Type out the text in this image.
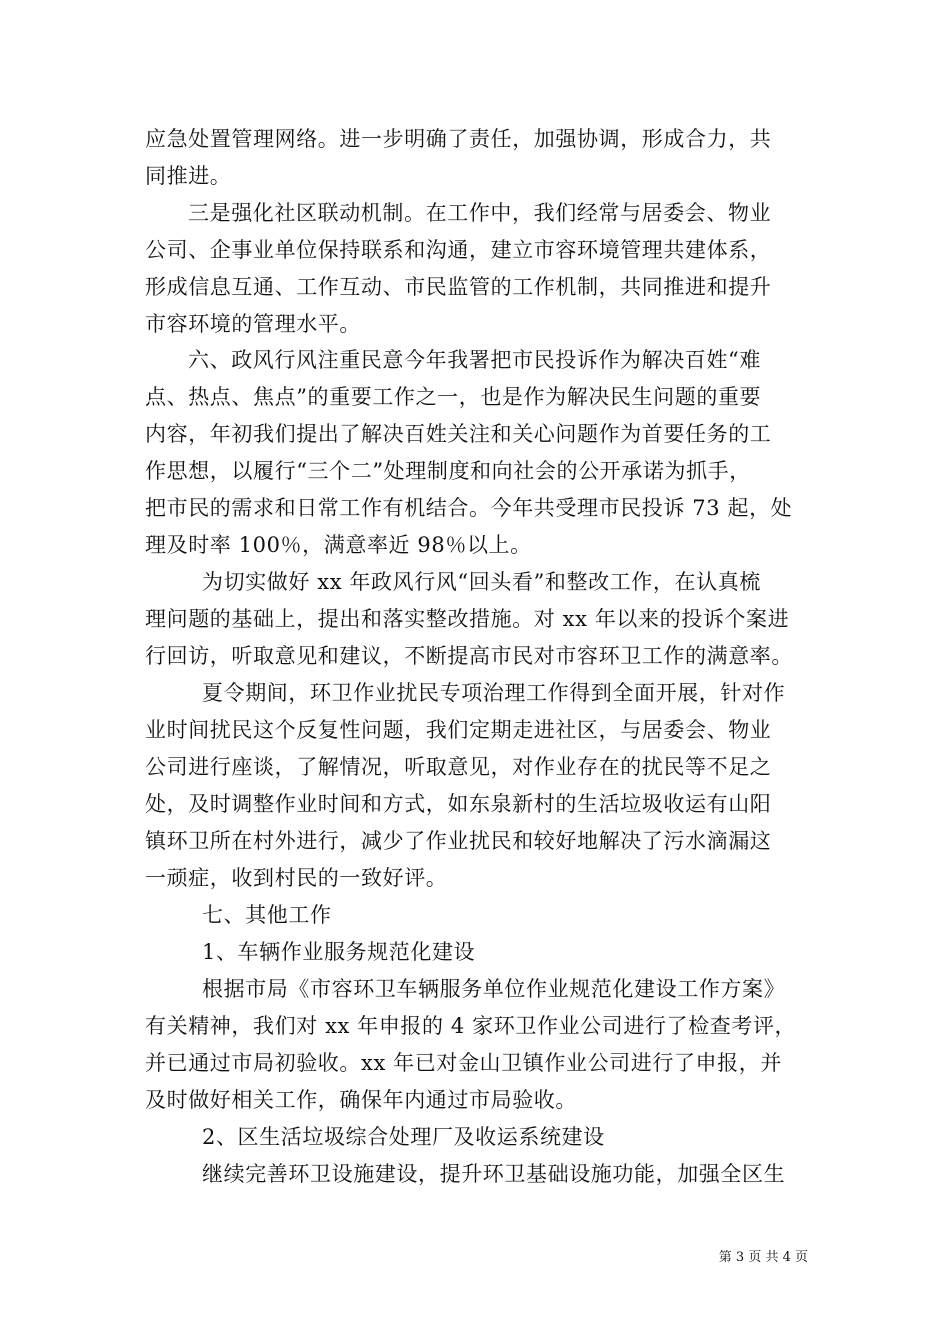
应急处置管理网络。进一步明确了责任，加强协调，形成合力，共
同推进。
三是强化社区联动机制。在工作中，我们经常与居委会、物业
公司、企事业单位保持联系和沟通，建立市容环境管理共建体系，
形成信息互通、工作互动、市民监管的工作机制，共同推进和提升
市容环境的管理水平。
六、政风行风注重民意今年我署把市民投诉作为解决百姓“难
点、热点、焦点”的重要工作之一，也是作为解决民生问题的重要
内容，年初我们提出了解决百姓关注和关心问题作为首要任务的工
作思想，以履行“三个二”处理制度和向社会的公开承诺为抓手，
把市民的需求和日常工作有机结合。今年共受理市民投诉 73 起，处
理及时率 100％，满意率近 98％以上。
为切实做好 xx 年政风行风“回头看”和整改工作，在认真梳
理问题的基础上，提出和落实整改措施。对 xx 年以来的投诉个案进
行回访，听取意见和建议，不断提高市民对市容环卫工作的满意率。
夏令期间，环卫作业扰民专项治理工作得到全面开展，针对作
业时间扰民这个反复性问题，我们定期走进社区，与居委会、物业
公司进行座谈，了解情况，听取意见，对作业存在的扰民等不足之
处，及时调整作业时间和方式，如东泉新村的生活垃圾收运有山阳
镇环卫所在村外进行，减少了作业扰民和较好地解决了污水滴漏这
一顽症，收到村民的一致好评。
七、其他工作
1、车辆作业服务规范化建设
根据市局《市容环卫车辆服务单位作业规范化建设工作方案》
有关精神，我们对 xx 年申报的 4 家环卫作业公司进行了检查考评，
并已通过市局初验收。xx 年已对金山卫镇作业公司进行了申报，并
及时做好相关工作，确保年内通过市局验收。
2、区生活垃圾综合处理厂及收运系统建设
继续完善环卫设施建设，提升环卫基础设施功能，加强全区生
第 3 页 共 4 页
